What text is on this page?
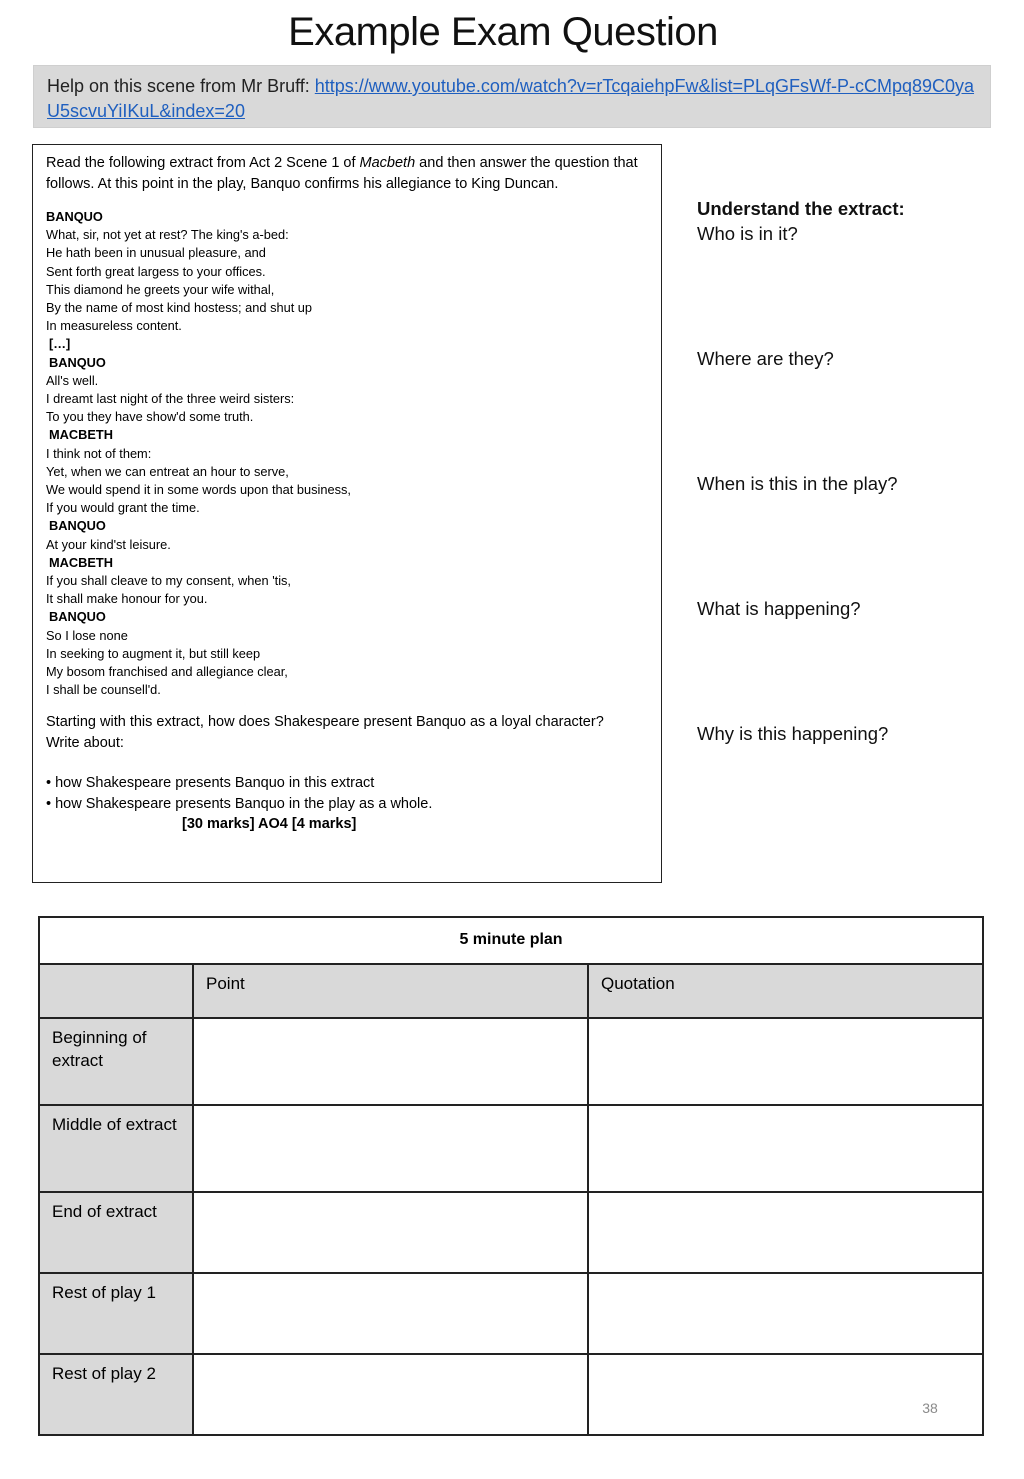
Example Exam Question
Help on this scene from Mr Bruff: https://www.youtube.com/watch?v=rTcqaiehpFw&list=PLqGFsWf-P-cCMpq89C0yaU5scvuYiIKuL&index=20

Read the following extract from Act 2 Scene 1 of Macbeth and then answer the question that follows. At this point in the play, Banquo confirms his allegiance to King Duncan.

BANQUO
What, sir, not yet at rest? The king's a-bed:
He hath been in unusual pleasure, and
Sent forth great largess to your offices.
This diamond he greets your wife withal,
By the name of most kind hostess; and shut up
In measureless content.
[…]
BANQUO
All's well.
I dreamt last night of the three weird sisters:
To you they have show'd some truth.
MACBETH
I think not of them:
Yet, when we can entreat an hour to serve,
We would spend it in some words upon that business,
If you would grant the time.
BANQUO
At your kind'st leisure.
MACBETH
If you shall cleave to my consent, when 'tis,
It shall make honour for you.
BANQUO
So I lose none
In seeking to augment it, but still keep
My bosom franchised and allegiance clear,
I shall be counsell'd.
Starting with this extract, how does Shakespeare present Banquo as a loyal character?
Write about:
• how Shakespeare presents Banquo in this extract
• how Shakespeare presents Banquo in the play as a whole.
[30 marks] AO4 [4 marks]
Understand the extract:
Who is in it?
Where are they?
When is this in the play?
What is happening?
Why is this happening?
5 minute plan		
	Point	Quotation
Beginning of extract		
Middle of extract		
End of extract		
Rest of play 1		
Rest of play 2		
38
